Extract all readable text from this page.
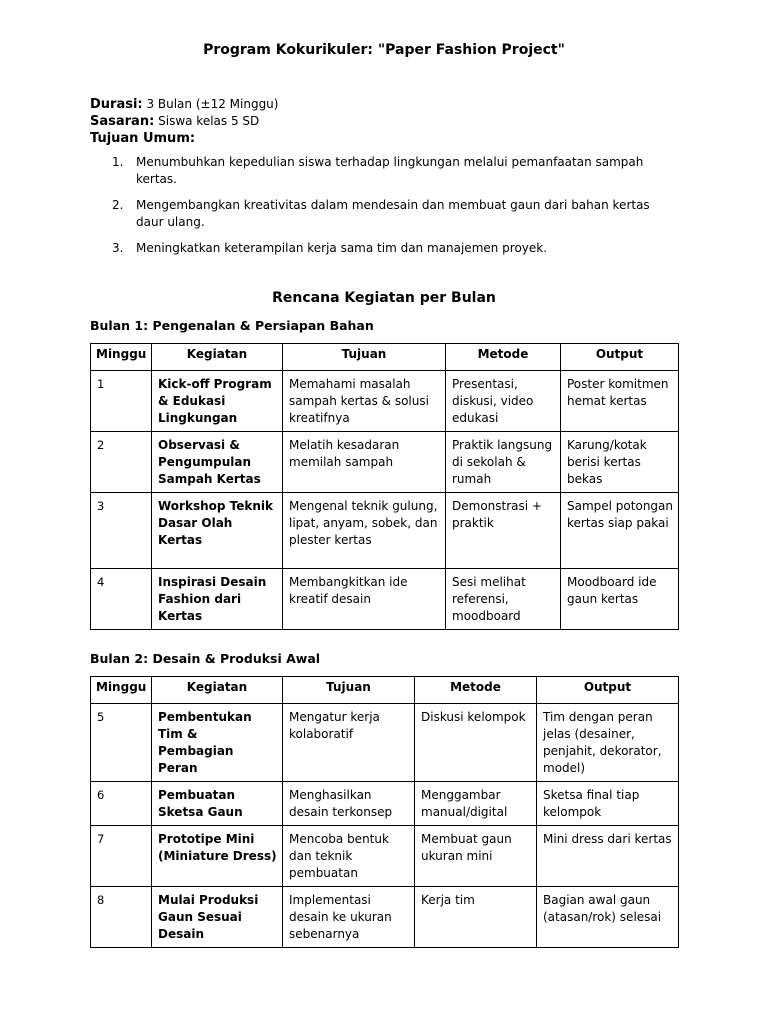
Program Kokurikuler: "Paper Fashion Project"
Durasi: 3 Bulan (±12 Minggu)
Sasaran: Siswa kelas 5 SD
Tujuan Umum:
1. Menumbuhkan kepedulian siswa terhadap lingkungan melalui pemanfaatan sampah kertas.
2. Mengembangkan kreativitas dalam mendesain dan membuat gaun dari bahan kertas daur ulang.
3. Meningkatkan keterampilan kerja sama tim dan manajemen proyek.
Rencana Kegiatan per Bulan
Bulan 1: Pengenalan & Persiapan Bahan
Minggu	Kegiatan	Tujuan	Metode	Output
1	Kick-off Program & Edukasi Lingkungan	Memahami masalah sampah kertas & solusi kreatifnya	Presentasi, diskusi, video edukasi	Poster komitmen hemat kertas
2	Observasi & Pengumpulan Sampah Kertas	Melatih kesadaran memilah sampah	Praktik langsung di sekolah & rumah	Karung/kotak berisi kertas bekas
3	Workshop Teknik Dasar Olah Kertas	Mengenal teknik gulung, lipat, anyam, sobek, dan plester kertas	Demonstrasi + praktik	Sampel potongan kertas siap pakai
4	Inspirasi Desain Fashion dari Kertas	Membangkitkan ide kreatif desain	Sesi melihat referensi, moodboard	Moodboard ide gaun kertas
Bulan 2: Desain & Produksi Awal
Minggu	Kegiatan	Tujuan	Metode	Output
5	Pembentukan Tim & Pembagian Peran	Mengatur kerja kolaboratif	Diskusi kelompok	Tim dengan peran jelas (desainer, penjahit, dekorator, model)
6	Pembuatan Sketsa Gaun	Menghasilkan desain terkonsep	Menggambar manual/digital	Sketsa final tiap kelompok
7	Prototipe Mini (Miniature Dress)	Mencoba bentuk dan teknik pembuatan	Membuat gaun ukuran mini	Mini dress dari kertas
8	Mulai Produksi Gaun Sesuai Desain	Implementasi desain ke ukuran sebenarnya	Kerja tim	Bagian awal gaun (atasan/rok) selesai
